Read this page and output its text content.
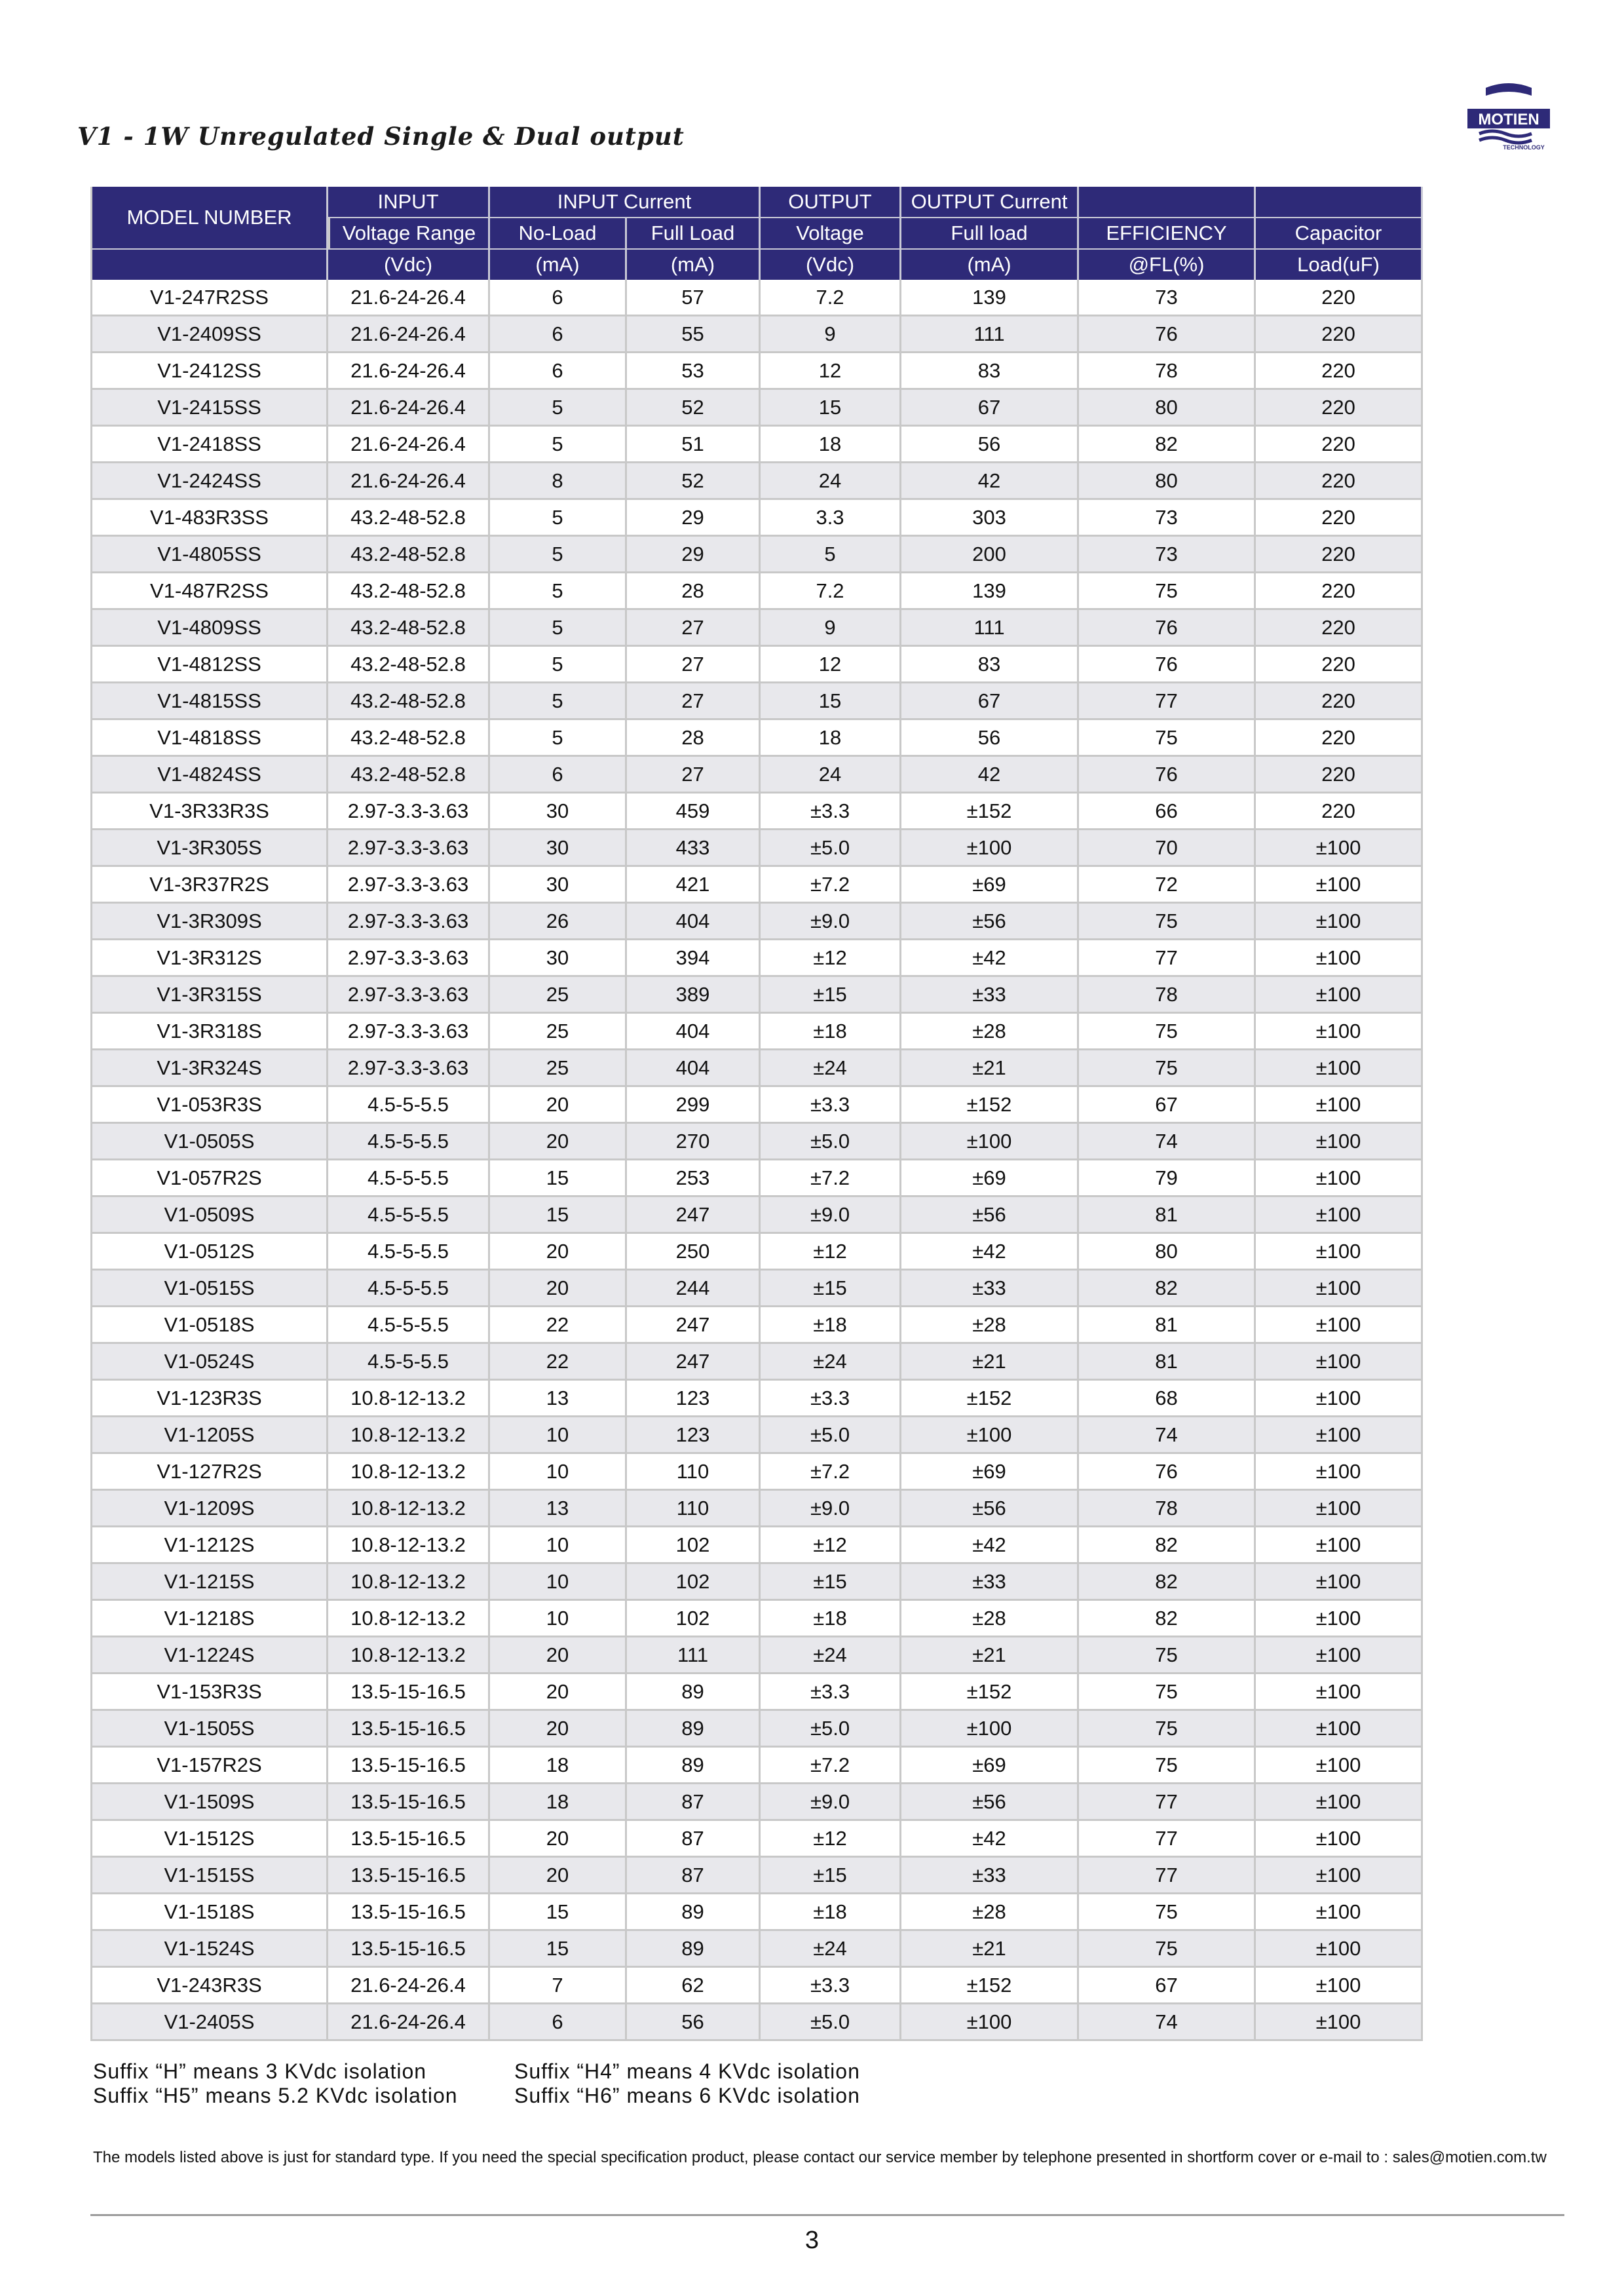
V1 - 1W Unregulated Single & Dual output
MOTIEN
TECHNOLOGY
MODEL NUMBER	INPUT	INPUT Current		OUTPUT	OUTPUT Current		
	Voltage Range	No-Load	Full Load	Voltage	Full load	EFFICIENCY	Capacitor
	(Vdc)	(mA)	(mA)	(Vdc)	(mA)	@FL(%)	Load(uF)
V1-247R2SS	21.6-24-26.4	6	57	7.2	139	73	220
V1-2409SS	21.6-24-26.4	6	55	9	111	76	220
V1-2412SS	21.6-24-26.4	6	53	12	83	78	220
V1-2415SS	21.6-24-26.4	5	52	15	67	80	220
V1-2418SS	21.6-24-26.4	5	51	18	56	82	220
V1-2424SS	21.6-24-26.4	8	52	24	42	80	220
V1-483R3SS	43.2-48-52.8	5	29	3.3	303	73	220
V1-4805SS	43.2-48-52.8	5	29	5	200	73	220
V1-487R2SS	43.2-48-52.8	5	28	7.2	139	75	220
V1-4809SS	43.2-48-52.8	5	27	9	111	76	220
V1-4812SS	43.2-48-52.8	5	27	12	83	76	220
V1-4815SS	43.2-48-52.8	5	27	15	67	77	220
V1-4818SS	43.2-48-52.8	5	28	18	56	75	220
V1-4824SS	43.2-48-52.8	6	27	24	42	76	220
V1-3R33R3S	2.97-3.3-3.63	30	459	±3.3	±152	66	220
V1-3R305S	2.97-3.3-3.63	30	433	±5.0	±100	70	±100
V1-3R37R2S	2.97-3.3-3.63	30	421	±7.2	±69	72	±100
V1-3R309S	2.97-3.3-3.63	26	404	±9.0	±56	75	±100
V1-3R312S	2.97-3.3-3.63	30	394	±12	±42	77	±100
V1-3R315S	2.97-3.3-3.63	25	389	±15	±33	78	±100
V1-3R318S	2.97-3.3-3.63	25	404	±18	±28	75	±100
V1-3R324S	2.97-3.3-3.63	25	404	±24	±21	75	±100
V1-053R3S	4.5-5-5.5	20	299	±3.3	±152	67	±100
V1-0505S	4.5-5-5.5	20	270	±5.0	±100	74	±100
V1-057R2S	4.5-5-5.5	15	253	±7.2	±69	79	±100
V1-0509S	4.5-5-5.5	15	247	±9.0	±56	81	±100
V1-0512S	4.5-5-5.5	20	250	±12	±42	80	±100
V1-0515S	4.5-5-5.5	20	244	±15	±33	82	±100
V1-0518S	4.5-5-5.5	22	247	±18	±28	81	±100
V1-0524S	4.5-5-5.5	22	247	±24	±21	81	±100
V1-123R3S	10.8-12-13.2	13	123	±3.3	±152	68	±100
V1-1205S	10.8-12-13.2	10	123	±5.0	±100	74	±100
V1-127R2S	10.8-12-13.2	10	110	±7.2	±69	76	±100
V1-1209S	10.8-12-13.2	13	110	±9.0	±56	78	±100
V1-1212S	10.8-12-13.2	10	102	±12	±42	82	±100
V1-1215S	10.8-12-13.2	10	102	±15	±33	82	±100
V1-1218S	10.8-12-13.2	10	102	±18	±28	82	±100
V1-1224S	10.8-12-13.2	20	111	±24	±21	75	±100
V1-153R3S	13.5-15-16.5	20	89	±3.3	±152	75	±100
V1-1505S	13.5-15-16.5	20	89	±5.0	±100	75	±100
V1-157R2S	13.5-15-16.5	18	89	±7.2	±69	75	±100
V1-1509S	13.5-15-16.5	18	87	±9.0	±56	77	±100
V1-1512S	13.5-15-16.5	20	87	±12	±42	77	±100
V1-1515S	13.5-15-16.5	20	87	±15	±33	77	±100
V1-1518S	13.5-15-16.5	15	89	±18	±28	75	±100
V1-1524S	13.5-15-16.5	15	89	±24	±21	75	±100
V1-243R3S	21.6-24-26.4	7	62	±3.3	±152	67	±100
V1-2405S	21.6-24-26.4	6	56	±5.0	±100	74	±100
Suffix “H” means 3 KVdc isolation	Suffix “H4” means 4 KVdc isolation
Suffix “H5” means 5.2 KVdc isolation	Suffix “H6” means 6 KVdc isolation
The models listed above is just for standard type. If you need the special specification product, please contact our service member by telephone presented in shortform cover or e-mail to : sales@motien.com.tw
3
